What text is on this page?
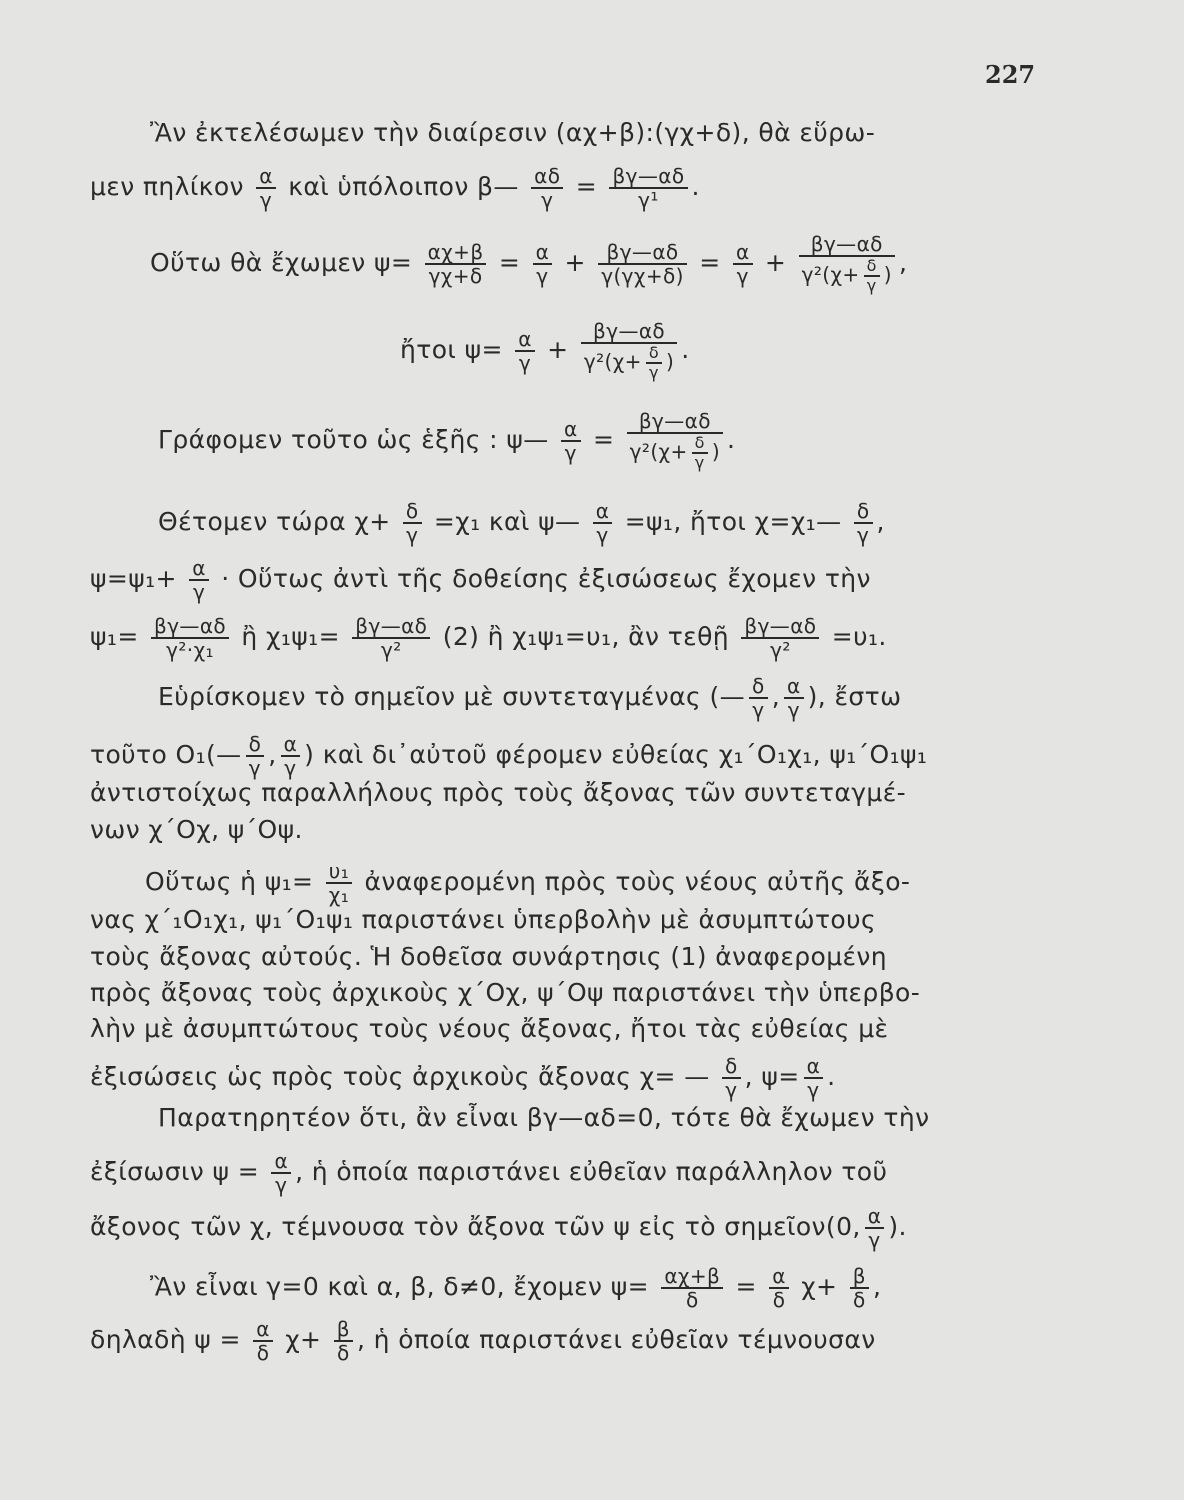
227
Ἂν ἐκτελέσωμεν τὴν διαίρεσιν (αχ+β):(γχ+δ), θὰ εὕρω-
μεν πηλίκον $\frac{\alpha}{\gamma}$ καὶ ὑπόλοιπον β— $\frac{\alpha\delta}{\gamma} = \frac{\beta\gamma—\alpha\delta}{\text{γ¹}}$ .
Οὕτω θὰ ἔχωμεν $\psi= \frac{\alpha\chi+\beta}{\gamma\chi+\delta} = \frac{\alpha}{\gamma} + \frac{\beta\gamma—\alpha\delta}{\gamma(\gamma\chi+\delta)} = \frac{\alpha}{\gamma} + \frac{\beta\gamma—\alpha\delta}{\gamma^2(\chi+ \frac{\delta}{\gamma} )}$ ,
ἤτοι $\psi= \frac{\alpha}{\gamma} + \frac{\beta\gamma—\alpha\delta}{\gamma^2(\chi+ \frac{\delta}{\gamma} )}$ .
Γράφομεν τοῦτο ὡς ἑξῆς : ψ— $\frac{\alpha}{\gamma} = \frac{\beta\gamma—\alpha\delta}{\gamma^2(\chi+ \frac{\delta}{\gamma} )}$ .
Θέτομεν τώρα $\chi+ \frac{\delta}{\gamma} =\chi_1$ καὶ ψ— $\frac{\alpha}{\gamma} =\psi_1$, ἤτοι χ=χ₁— $\frac{\delta}{\gamma}$ ,
$\psi=\psi_1+ \frac{\alpha}{\gamma}$ · Οὕτως ἀντὶ τῆς δοθείσης ἐξισώσεως ἔχομεν τὴν
$\psi_1= \frac{\beta\gamma—\alpha\delta}{\text{γ²·χ₁}}$ ἢ $\chi_1\psi_1= \frac{\beta\gamma—\alpha\delta}{\text{γ²}} (2)$ ἢ χ₁ψ₁=υ₁, ἂν τεθῇ $\frac{\beta\gamma—\alpha\delta}{\text{γ²}} =\upsilon_1$.
Εὑρίσκομεν τὸ σημεῖον μὲ συντεταγμένας (— $\frac{\delta}{\gamma}$ , $\frac{\alpha}{\gamma}$ ), ἔστω
τοῦτο O₁(— $\frac{\delta}{\gamma}$ , $\frac{\alpha}{\gamma}$ ) καὶ δι᾽αὐτοῦ φέρομεν εὐθείας χ₁΄O₁χ₁, ψ₁΄O₁ψ₁
ἀντιστοίχως παραλλήλους πρὸς τοὺς ἄξονας τῶν συντεταγμέ-
νων χ΄Oχ, ψ΄Oψ.
Οὕτως ἡ $\psi_1= \frac{\text{υ₁}}{\text{χ₁}}$ ἀναφερομένη πρὸς τοὺς νέους αὐτῆς ἄξο-
νας χ΄₁O₁χ₁, ψ₁΄O₁ψ₁ παριστάνει ὑπερβολὴν μὲ ἀσυμπτώτους
τοὺς ἄξονας αὐτούς. Ἡ δοθεῖσα συνάρτησις (1) ἀναφερομένη
πρὸς ἄξονας τοὺς ἀρχικοὺς χ΄Oχ, ψ΄Oψ παριστάνει τὴν ὑπερβο-
λὴν μὲ ἀσυμπτώτους τοὺς νέους ἄξονας, ἤτοι τὰς εὐθείας μὲ
ἐξισώσεις ὡς πρὸς τοὺς ἀρχικοὺς ἄξονας χ= — $\frac{\delta}{\gamma}$ , $\psi= \frac{\alpha}{\gamma}$ .
Παρατηρητέον ὅτι, ἂν εἶναι βγ—αδ=0, τότε θὰ ἔχωμεν τὴν
ἐξίσωσιν $\psi = \frac{\alpha}{\gamma}$ , ἡ ὁποία παριστάνει εὐθεῖαν παράλληλον τοῦ
ἄξονος τῶν χ, τέμνουσα τὸν ἄξονα τῶν ψ εἰς τὸ σημεῖον(0, $\frac{\alpha}{\gamma}$ ).
Ἂν εἶναι γ=0 καὶ α, β, δ≠0, ἔχομεν $\psi= \frac{\alpha\chi+\beta}{\delta} = \frac{\alpha}{\delta} \chi+ \frac{\beta}{\delta}$ ,
δηλαδὴ $\psi = \frac{\alpha}{\delta} \chi+ \frac{\beta}{\delta}$ , ἡ ὁποία παριστάνει εὐθεῖαν τέμνουσαν
